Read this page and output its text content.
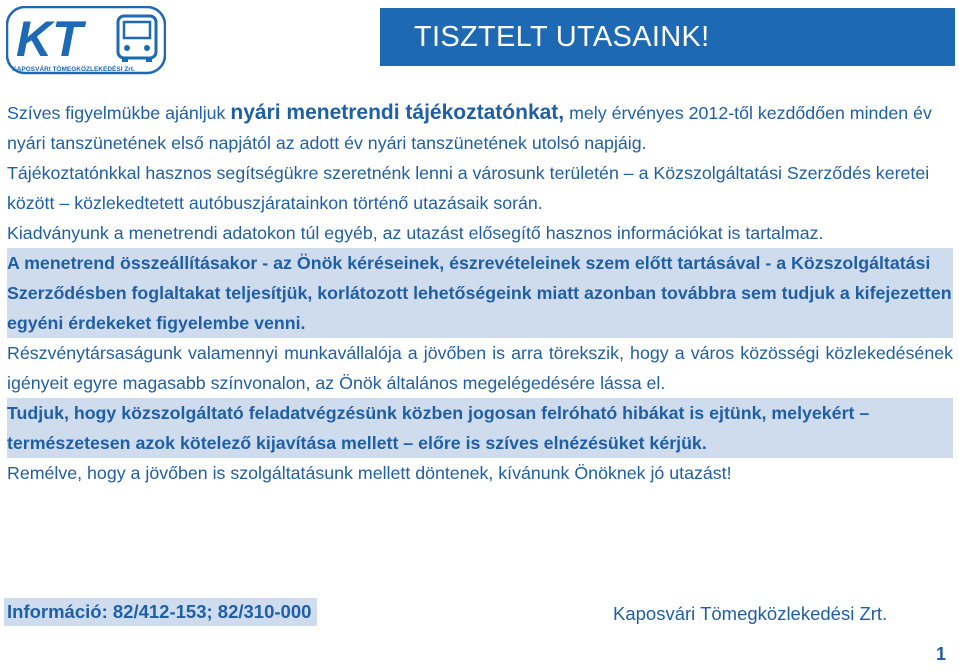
KT
KAPOSVÁRI TÖMEGKÖZLEKEDÉSI Zrt.
TISZTELT UTASAINK!

Szíves figyelmükbe ajánljuk nyári menetrendi tájékoztatónkat, mely érvényes 2012-től kezdődően minden év nyári tanszünetének első napjától az adott év nyári tanszünetének utolsó napjáig.

Tájékoztatónkkal hasznos segítségükre szeretnénk lenni a városunk területén – a Közszolgáltatási Szerződés keretei között – közlekedtetett autóbuszjáratainkon történő utazásaik során.

Kiadványunk a menetrendi adatokon túl egyéb, az utazást elősegítő hasznos információkat is tartalmaz.

A menetrend összeállításakor - az Önök kéréseinek, észrevételeinek szem előtt tartásával - a Közszolgáltatási Szerződésben foglaltakat teljesítjük, korlátozott lehetőségeink miatt azonban továbbra sem tudjuk a kifejezetten egyéni érdekeket figyelembe venni.

Részvénytársaságunk valamennyi munkavállalója a jövőben is arra törekszik, hogy a város közösségi közlekedésének igényeit egyre magasabb színvonalon, az Önök általános megelégedésére lássa el.

Tudjuk, hogy közszolgáltató feladatvégzésünk közben jogosan felróható hibákat is ejtünk, melyekért – természetesen azok kötelező kijavítása mellett – előre is szíves elnézésüket kérjük.

Remélve, hogy a jövőben is szolgáltatásunk mellett döntenek, kívánunk Önöknek jó utazást!

Információ: 82/412-153; 82/310-000	Kaposvári Tömegközlekedési Zrt.
1
